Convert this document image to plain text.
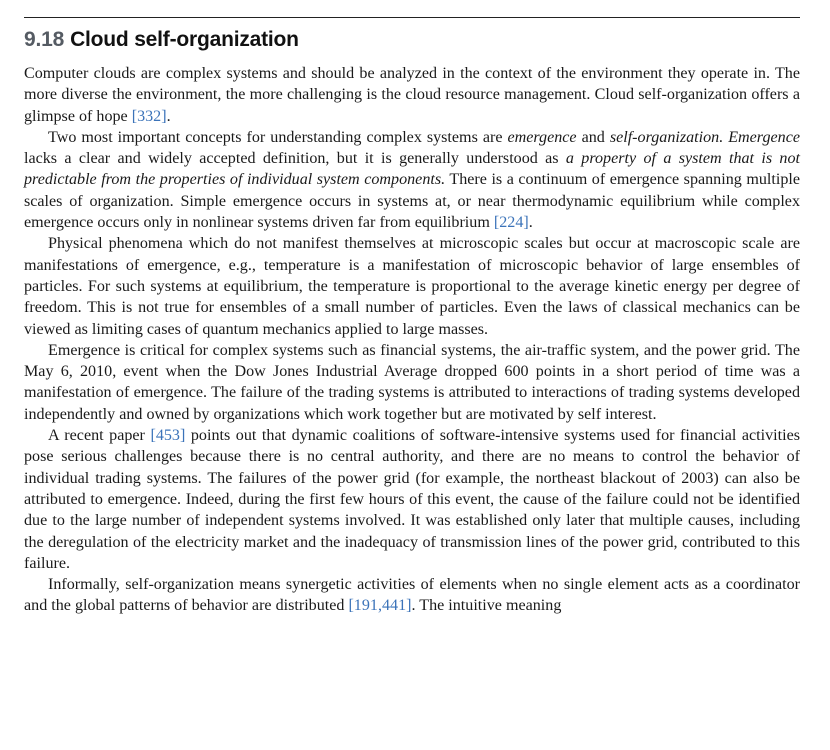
9.18 Cloud self-organization

Computer clouds are complex systems and should be analyzed in the context of the environment they operate in. The more diverse the environment, the more challenging is the cloud resource management. Cloud self-organization offers a glimpse of hope [332].

Two most important concepts for understanding complex systems are emergence and self-organization. Emergence lacks a clear and widely accepted definition, but it is generally understood as a property of a system that is not predictable from the properties of individual system components. There is a continuum of emergence spanning multiple scales of organization. Simple emergence occurs in systems at, or near thermodynamic equilibrium while complex emergence occurs only in nonlinear systems driven far from equilibrium [224].

Physical phenomena which do not manifest themselves at microscopic scales but occur at macroscopic scale are manifestations of emergence, e.g., temperature is a manifestation of microscopic behavior of large ensembles of particles. For such systems at equilibrium, the temperature is proportional to the average kinetic energy per degree of freedom. This is not true for ensembles of a small number of particles. Even the laws of classical mechanics can be viewed as limiting cases of quantum mechanics applied to large masses.

Emergence is critical for complex systems such as financial systems, the air-traffic system, and the power grid. The May 6, 2010, event when the Dow Jones Industrial Average dropped 600 points in a short period of time was a manifestation of emergence. The failure of the trading systems is attributed to interactions of trading systems developed independently and owned by organizations which work together but are motivated by self interest.

A recent paper [453] points out that dynamic coalitions of software-intensive systems used for financial activities pose serious challenges because there is no central authority, and there are no means to control the behavior of individual trading systems. The failures of the power grid (for example, the northeast blackout of 2003) can also be attributed to emergence. Indeed, during the first few hours of this event, the cause of the failure could not be identified due to the large number of independent systems involved. It was established only later that multiple causes, including the deregulation of the electricity market and the inadequacy of transmission lines of the power grid, contributed to this failure.

Informally, self-organization means synergetic activities of elements when no single element acts as a coordinator and the global patterns of behavior are distributed [191,441]. The intuitive meaning
